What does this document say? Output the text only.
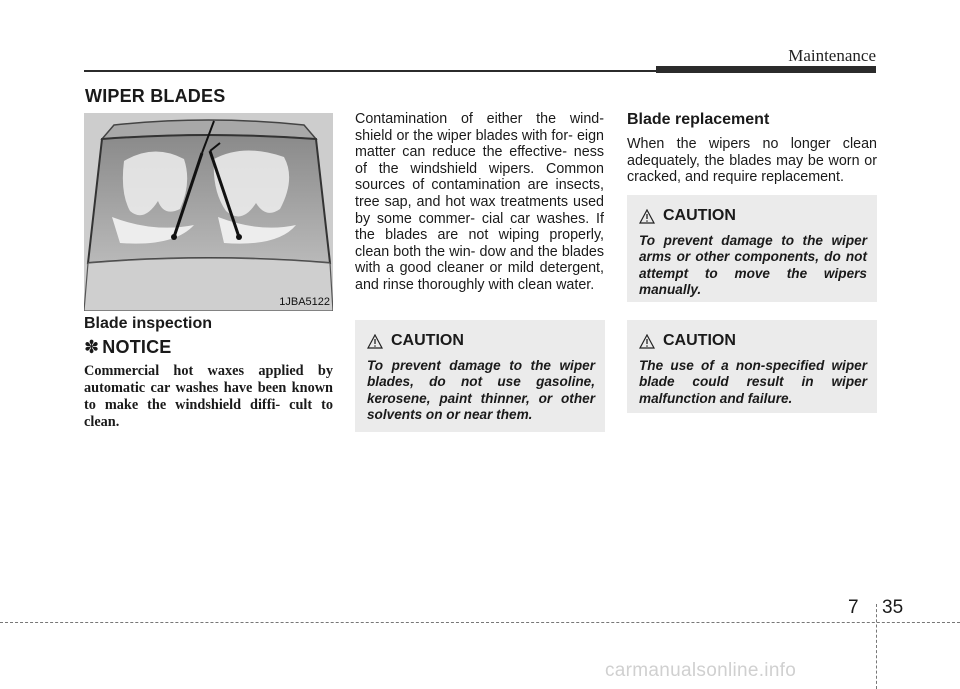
Maintenance
WIPER BLADES
1JBA5122
Blade inspection
✽ NOTICE
Commercial hot waxes applied by automatic car washes have been known to make the windshield diffi- cult to clean.
Contamination of either the wind- shield or the wiper blades with for- eign matter can reduce the effective- ness of the windshield wipers. Common sources of contamination are insects, tree sap, and hot wax treatments used by some commer- cial car washes. If the blades are not wiping properly, clean both the win- dow and the blades with a good cleaner or mild detergent, and rinse thoroughly with clean water.
CAUTION
To prevent damage to the wiper blades, do not use gasoline, kerosene, paint thinner, or other solvents on or near them.
Blade replacement
When the wipers no longer clean adequately, the blades may be worn or cracked, and require replacement.
CAUTION
To prevent damage to the wiper arms or other components, do not attempt to move the wipers manually.
CAUTION
The use of a non-specified wiper blade could result in wiper malfunction and failure.
7 35
carmanualsonline.info
